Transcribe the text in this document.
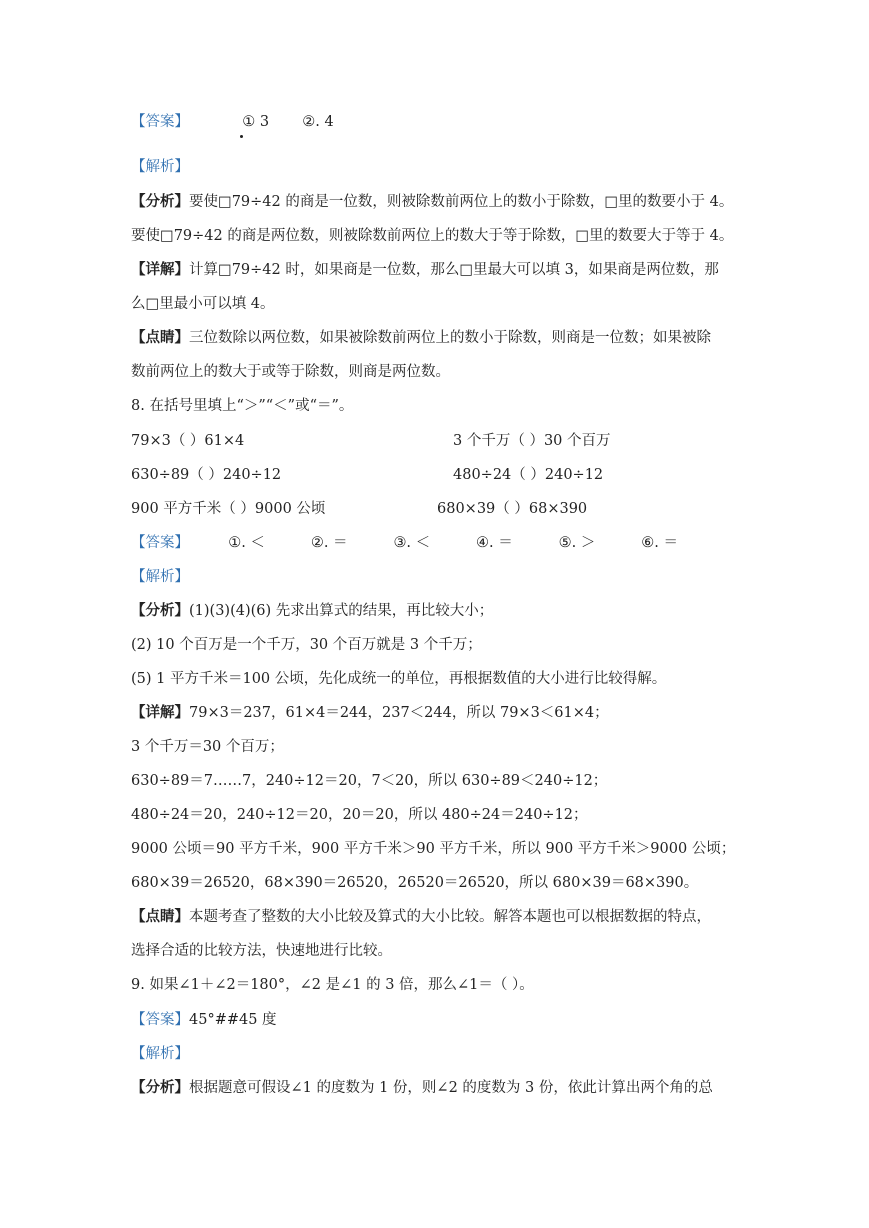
【答案】	① 3 ②. 4
【解析】
【分析】要使□79÷42 的商是一位数，则被除数前两位上的数小于除数，□里的数要小于 4。
要使□79÷42 的商是两位数，则被除数前两位上的数大于等于除数，□里的数要大于等于 4。
【详解】计算□79÷42 时，如果商是一位数，那么□里最大可以填 3，如果商是两位数，那
么□里最小可以填 4。
【点睛】三位数除以两位数，如果被除数前两位上的数小于除数，则商是一位数；如果被除
数前两位上的数大于或等于除数，则商是两位数。
8. 在括号里填上“＞”“＜”或“＝”。
79×3（ ）61×4	3 个千万（ ）30 个百万
630÷89（ ）240÷12	480÷24（ ）240÷12
900 平方千米（ ）9000 公顷	680×39（ ）68×390
【答案】	①. ＜	②. ＝	③. ＜	④. ＝	⑤. ＞	⑥. ＝
【解析】
【分析】(1)(3)(4)(6) 先求出算式的结果，再比较大小；
(2) 10 个百万是一个千万，30 个百万就是 3 个千万；
(5) 1 平方千米＝100 公顷，先化成统一的单位，再根据数值的大小进行比较得解。
【详解】79×3＝237，61×4＝244，237＜244，所以 79×3＜61×4；
3 个千万＝30 个百万；
630÷89＝7……7，240÷12＝20，7＜20，所以 630÷89＜240÷12；
480÷24＝20，240÷12＝20，20＝20，所以 480÷24＝240÷12；
9000 公顷＝90 平方千米，900 平方千米＞90 平方千米，所以 900 平方千米＞9000 公顷；
680×39＝26520，68×390＝26520，26520＝26520，所以 680×39＝68×390。
【点睛】本题考查了整数的大小比较及算式的大小比较。解答本题也可以根据数据的特点，
选择合适的比较方法，快速地进行比较。
9. 如果∠1＋∠2＝180°，∠2 是∠1 的 3 倍，那么∠1＝（ ）。
【答案】45°##45 度
【解析】
【分析】根据题意可假设∠1 的度数为 1 份，则∠2 的度数为 3 份，依此计算出两个角的总
